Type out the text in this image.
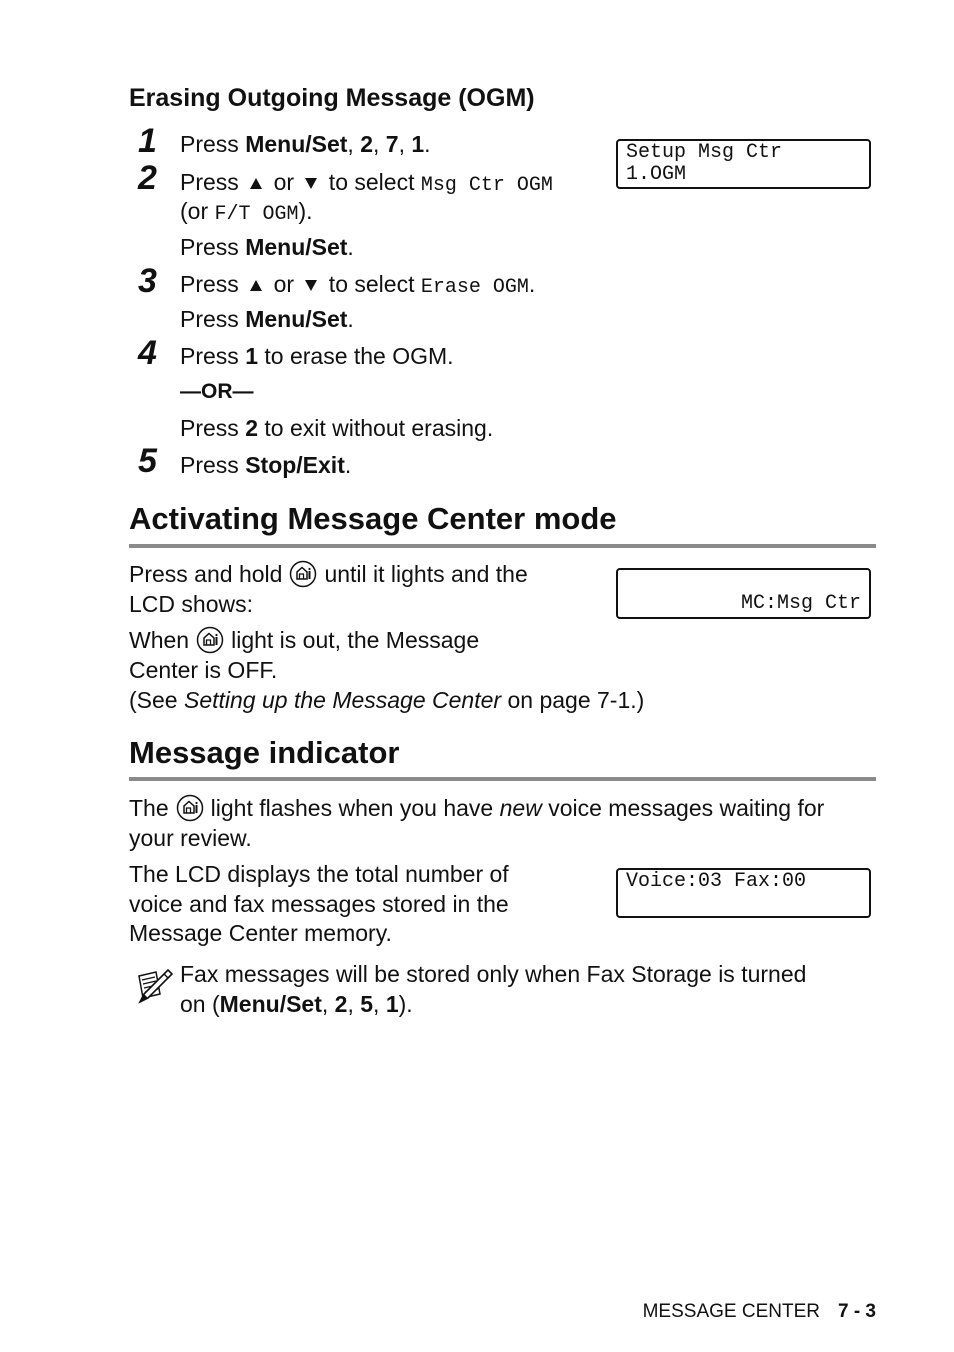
Erasing Outgoing Message (OGM)
1 Press Menu/Set, 2, 7, 1.
2 Press  or  to select Msg Ctr OGM
(or F/T OGM).
Press Menu/Set.
3 Press  or  to select Erase OGM.
Press Menu/Set.
4 Press 1 to erase the OGM.
—OR—
Press 2 to exit without erasing.
5 Press Stop/Exit.
Setup Msg Ctr
1.OGM
Activating Message Center mode
Press and hold until it lights and the
LCD shows:
When light is out, the Message
Center is OFF.
(See Setting up the Message Center on page 7-1.)
MC:Msg Ctr
Message indicator
The light flashes when you have new voice messages waiting for
your review.
The LCD displays the total number of
voice and fax messages stored in the
Message Center memory.
Voice:03 Fax:00
Fax messages will be stored only when Fax Storage is turned
on (Menu/Set, 2, 5, 1).
MESSAGE CENTER 7 - 3
